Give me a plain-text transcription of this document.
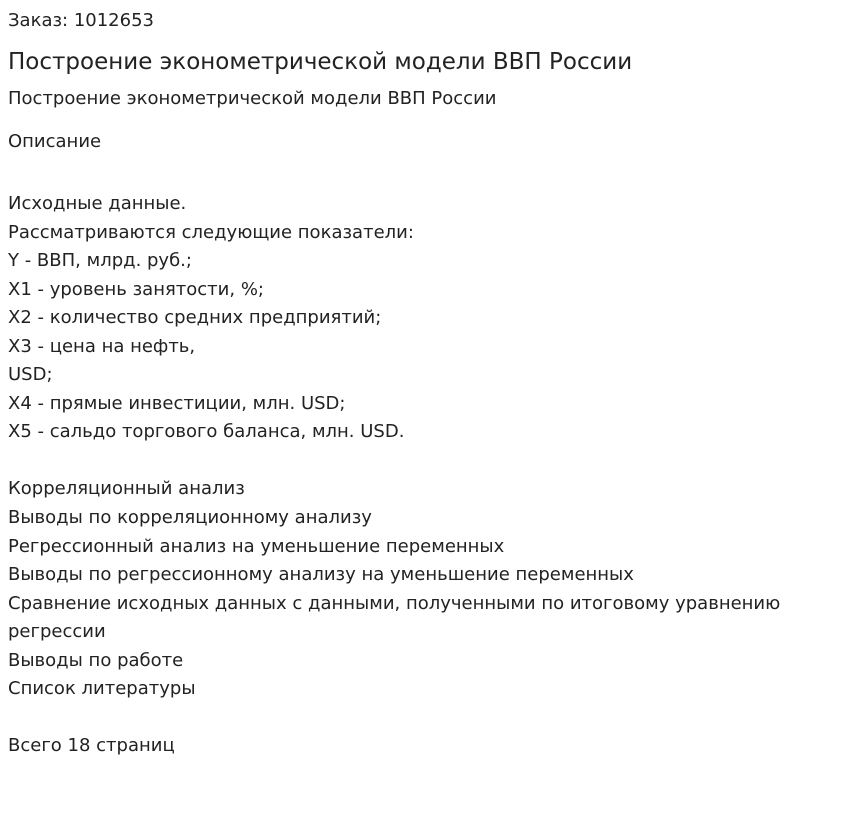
Заказ: 1012653
Построение эконометрической модели ВВП России
Построение эконометрической модели ВВП России
Описание
Исходные данные.
Рассматриваются следующие показатели:
Y - ВВП, млрд. руб.;
X1 - уровень занятости, %;
X2 - количество средних предприятий;
X3 - цена на нефть,
USD;
X4 - прямые инвестиции, млн. USD;
X5 - сальдо торгового баланса, млн. USD.
Корреляционный анализ
Выводы по корреляционному анализу
Регрессионный анализ на уменьшение переменных
Выводы по регрессионному анализу на уменьшение переменных
Сравнение исходных данных с данными, полученными по итоговому уравнению регрессии
Выводы по работе
Список литературы
Всего 18 страниц
